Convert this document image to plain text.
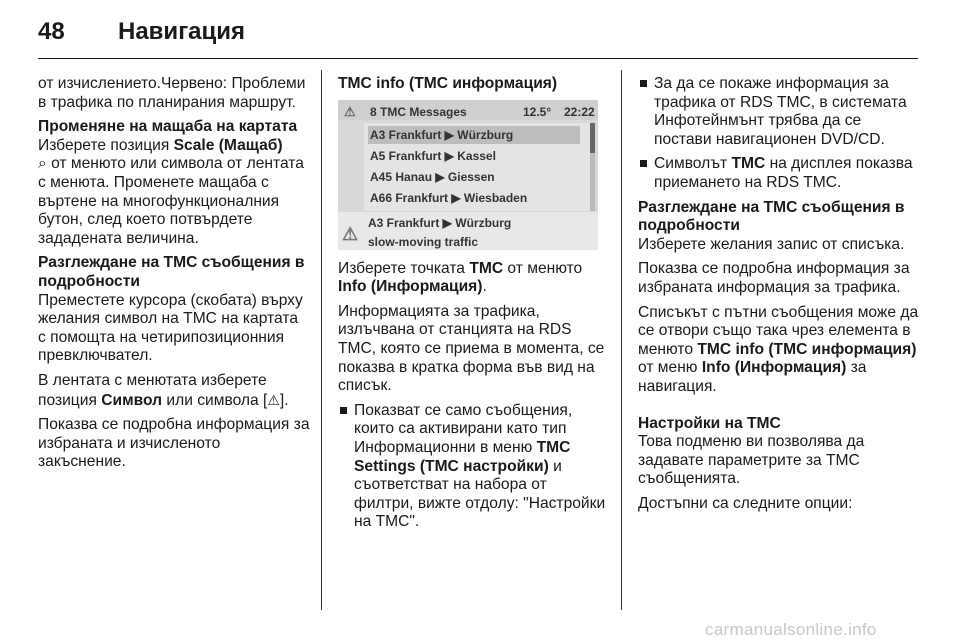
48 Навигация

от изчислението.Червено: Проблеми в трафика по планирания маршрут.

Променяне на мащаба на картата

Изберете позиция Scale (Мащаб)
⌕ от менюто или символа от лентата с менюта. Променете мащаба с въртене на многофункционалния бутон, след което потвърдете зададената величина.

Разглеждане на TMC съобщения в подробности

Преместете курсора (скобата) върху желания символ на TMC на картата с помощта на четирипозиционния превключвател.

В лентата с менютата изберете позиция Символ или символа [⚠].

Показва се подробна информация за избраната и изчисленото закъснение.

TMC info (TMC информация)
⚠ 8 TMC Messages	12.5° 22:22
A3 Frankfurt ▶ Würzburg
A5 Frankfurt ▶ Kassel
A45 Hanau ▶ Giessen
A66 Frankfurt ▶ Wiesbaden
⚠
A3 Frankfurt ▶ Würzburg
slow-moving traffic

Изберете точката TMC от менюто Info (Информация).

Информацията за трафика, излъчвана от станцията на RDS TMC, която се приема в момента, се показва в кратка форма във вид на списък.

Показват се само съобщения, които са активирани като тип Информационни в меню TMC Settings (TMC настройки) и съответстват на набора от филтри, вижте отдолу: "Настройки на TMC".
За да се покаже информация за трафика от RDS TMC, в системата Инфотейнмънт трябва да се постави навигационен DVD/CD.
Символът TMC на дисплея показва приемането на RDS TMC.
Разглеждане на TMC съобщения в подробности

Изберете желания запис от списъка.

Показва се подробна информация за избраната информация за трафика.

Списъкът с пътни съобщения може да се отвори също така чрез елемента в менюто TMC info (TMC информация) от меню Info (Информация) за навигация.

Настройки на TMC

Това подменю ви позволява да задавате параметрите за TMC съобщенията.

Достъпни са следните опции:

carmanualsonline.info
